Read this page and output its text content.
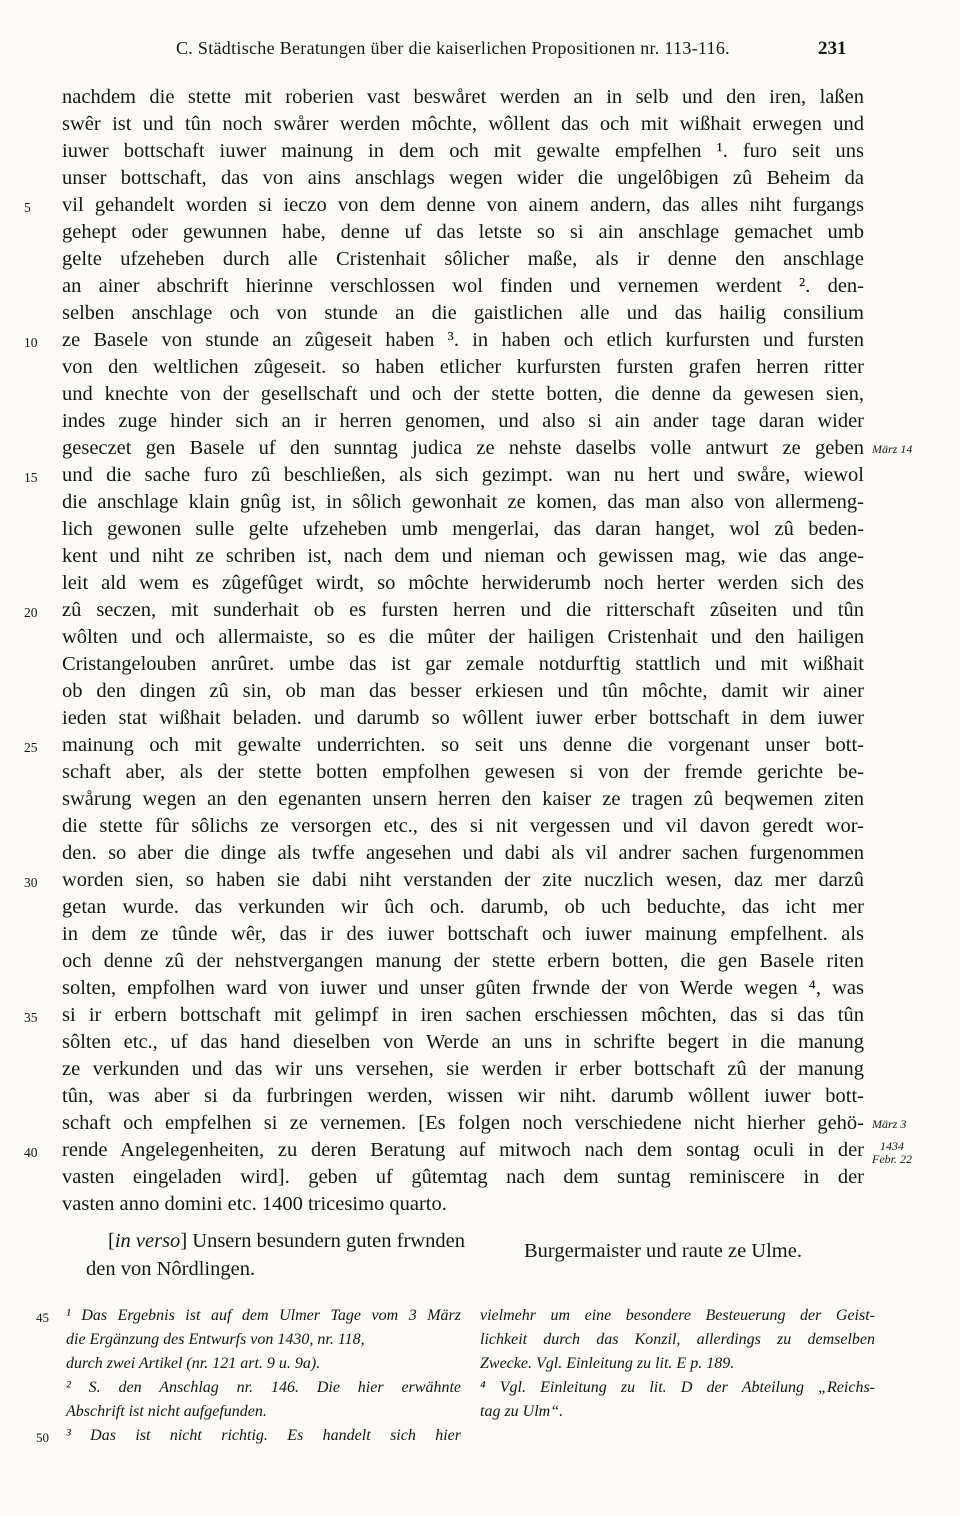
C. Städtische Beratungen über die kaiserlichen Propositionen nr. 113-116.	231
nachdem die stette mit roberien vast beswåret werden an in selb und den iren, laßen
swêr ist und tûn noch swårer werden môchte, wôllent das och mit wißhait erwegen und
iuwer bottschaft iuwer mainung in dem och mit gewalte empfelhen ¹. furo seit uns
unser bottschaft, das von ains anschlags wegen wider die ungelôbigen zû Beheim da
vil gehandelt worden si ieczo von dem denne von ainem andern, das alles niht furgangs
gehept oder gewunnen habe, denne uf das letste so si ain anschlage gemachet umb
gelte ufzeheben durch alle Cristenhait sôlicher maße, als ir denne den anschlage
an ainer abschrift hierinne verschlossen wol finden und vernemen werdent ². den-
selben anschlage och von stunde an die gaistlichen alle und das hailig consilium
ze Basele von stunde an zûgeseit haben ³. in haben och etlich kurfursten und fursten
von den weltlichen zûgeseit. so haben etlicher kurfursten fursten grafen herren ritter
und knechte von der gesellschaft und och der stette botten, die denne da gewesen sien,
indes zuge hinder sich an ir herren genomen, und also si ain ander tage daran wider
geseczet gen Basele uf den sunntag judica ze nehste daselbs volle antwurt ze geben
und die sache furo zû beschließen, als sich gezimpt. wan nu hert und swåre, wiewol
die anschlage klain gnûg ist, in sôlich gewonhait ze komen, das man also von allermeng-
lich gewonen sulle gelte ufzeheben umb mengerlai, das daran hanget, wol zû beden-
kent und niht ze schriben ist, nach dem und nieman och gewissen mag, wie das ange-
leit ald wem es zûgefûget wirdt, so môchte herwiderumb noch herter werden sich des
zû seczen, mit sunderhait ob es fursten herren und die ritterschaft zûseiten und tûn
wôlten und och allermaiste, so es die mûter der hailigen Cristenhait und den hailigen
Cristangelouben anrûret. umbe das ist gar zemale notdurftig stattlich und mit wißhait
ob den dingen zû sin, ob man das besser erkiesen und tûn môchte, damit wir ainer
ieden stat wißhait beladen. und darumb so wôllent iuwer erber bottschaft in dem iuwer
mainung och mit gewalte underrichten. so seit uns denne die vorgenant unser bott-
schaft aber, als der stette botten empfolhen gewesen si von der fremde gerichte be-
swårung wegen an den egenanten unsern herren den kaiser ze tragen zû beqwemen ziten
die stette fûr sôlichs ze versorgen etc., des si nit vergessen und vil davon geredt wor-
den. so aber die dinge als twffe angesehen und dabi als vil andrer sachen furgenommen
worden sien, so haben sie dabi niht verstanden der zite nuczlich wesen, daz mer darzû
getan wurde. das verkunden wir ûch och. darumb, ob uch beduchte, das icht mer
in dem ze tûnde wêr, das ir des iuwer bottschaft och iuwer mainung empfelhent. als
och denne zû der nehstvergangen manung der stette erbern botten, die gen Basele riten
solten, empfolhen ward von iuwer und unser gûten frwnde der von Werde wegen ⁴, was
si ir erbern bottschaft mit gelimpf in iren sachen erschiessen môchten, das si das tûn
sôlten etc., uf das hand dieselben von Werde an uns in schrifte begert in die manung
ze verkunden und das wir uns versehen, sie werden ir erber bottschaft zû der manung
tûn, was aber si da furbringen werden, wissen wir niht. darumb wôllent iuwer bott-
schaft och empfelhen si ze vernemen. [Es folgen noch verschiedene nicht hierher gehö-
rende Angelegenheiten, zu deren Beratung auf mitwoch nach dem sontag oculi in der
vasten eingeladen wird]. geben uf gûtemtag nach dem suntag reminiscere in der
vasten anno domini etc. 1400 tricesimo quarto.
5
10
15
20
25
30
35
40
März 14
März 3
1434
Febr. 22
[in verso] Unsern besundern guten frwnden
den von Nôrdlingen.
Burgermaister und raute ze Ulme.
45
50
¹ Das Ergebnis ist auf dem Ulmer Tage vom 3 März
die Ergänzung des Entwurfs von 1430, nr. 118,
durch zwei Artikel (nr. 121 art. 9 u. 9a).
² S. den Anschlag nr. 146. Die hier erwähnte
Abschrift ist nicht aufgefunden.
³ Das ist nicht richtig. Es handelt sich hier
vielmehr um eine besondere Besteuerung der Geist-
lichkeit durch das Konzil, allerdings zu demselben
Zwecke. Vgl. Einleitung zu lit. E p. 189.
⁴ Vgl. Einleitung zu lit. D der Abteilung „Reichs-
tag zu Ulm“.
